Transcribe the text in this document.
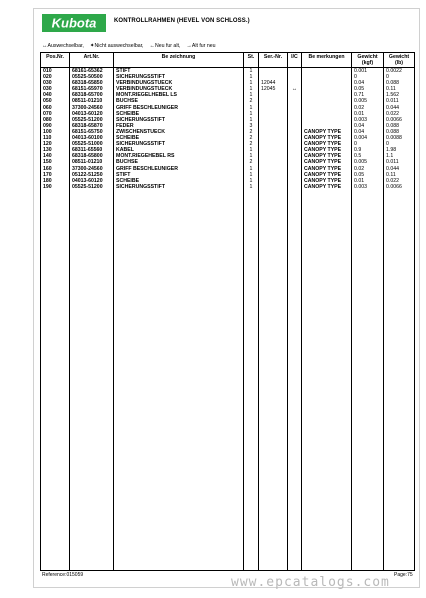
Kubota	KONTROLLRAHMEN (HEVEL VON SCHLOSS.)
↔Auswechselbar, ✦Nicht auswechselbar, ←Neu fur alt, →Alt fur neu
Pos.Nr.	Art.Nr.	Be zeichnung	St.	Ser.-Nr.	I/C	Be merkungen	Gewicht (kgf)	Gewicht (lb)
010	68161-65362	STIFT	1				0.001	0.0022
020	05525-50500	SICHERUNGSSTIFT	1				0	0
030	68318-65850	VERBINDUNGSTUECK	1	12044			0.04	0.088
030	68151-65970	VERBINDUNGSTUECK	1	12045	↔		0.05	0.11
040	68318-65700	MONT.RIEGELHEBEL LS	1				0.71	1.562
050	08511-01210	BUCHSE	2				0.005	0.011
060	37300-24560	GRIFF BESCHLEUNIGER	1				0.02	0.044
070	04013-60120	SCHEIBE	1				0.01	0.022
080	05525-51200	SICHERUNGSSTIFT	1				0.003	0.0066
090	68318-65870	FEDER	3				0.04	0.088
100	68151-65750	ZWISCHENSTUECK	2			CANOPY TYPE	0.04	0.088
110	04013-60100	SCHEIBE	2			CANOPY TYPE	0.004	0.0088
120	05525-51000	SICHERUNGSSTIFT	2			CANOPY TYPE	0	0
130	68311-65560	KABEL	1			CANOPY TYPE	0.9	1.98
140	68318-65800	MONT.RIEGEHEBEL RS	1			CANOPY TYPE	0.5	1.1
150	08511-01210	BUCHSE	2			CANOPY TYPE	0.005	0.011
160	37300-24560	GRIFF BESCHLEUNIGER	1			CANOPY TYPE	0.02	0.044
170	05122-51250	STIFT	1			CANOPY TYPE	0.05	0.11
180	04013-60120	SCHEIBE	1			CANOPY TYPE	0.01	0.022
190	05525-51200	SICHERUNGSSTIFT	1			CANOPY TYPE	0.003	0.0066

Reference:015059	Page:75
www.epcatalogs.com
